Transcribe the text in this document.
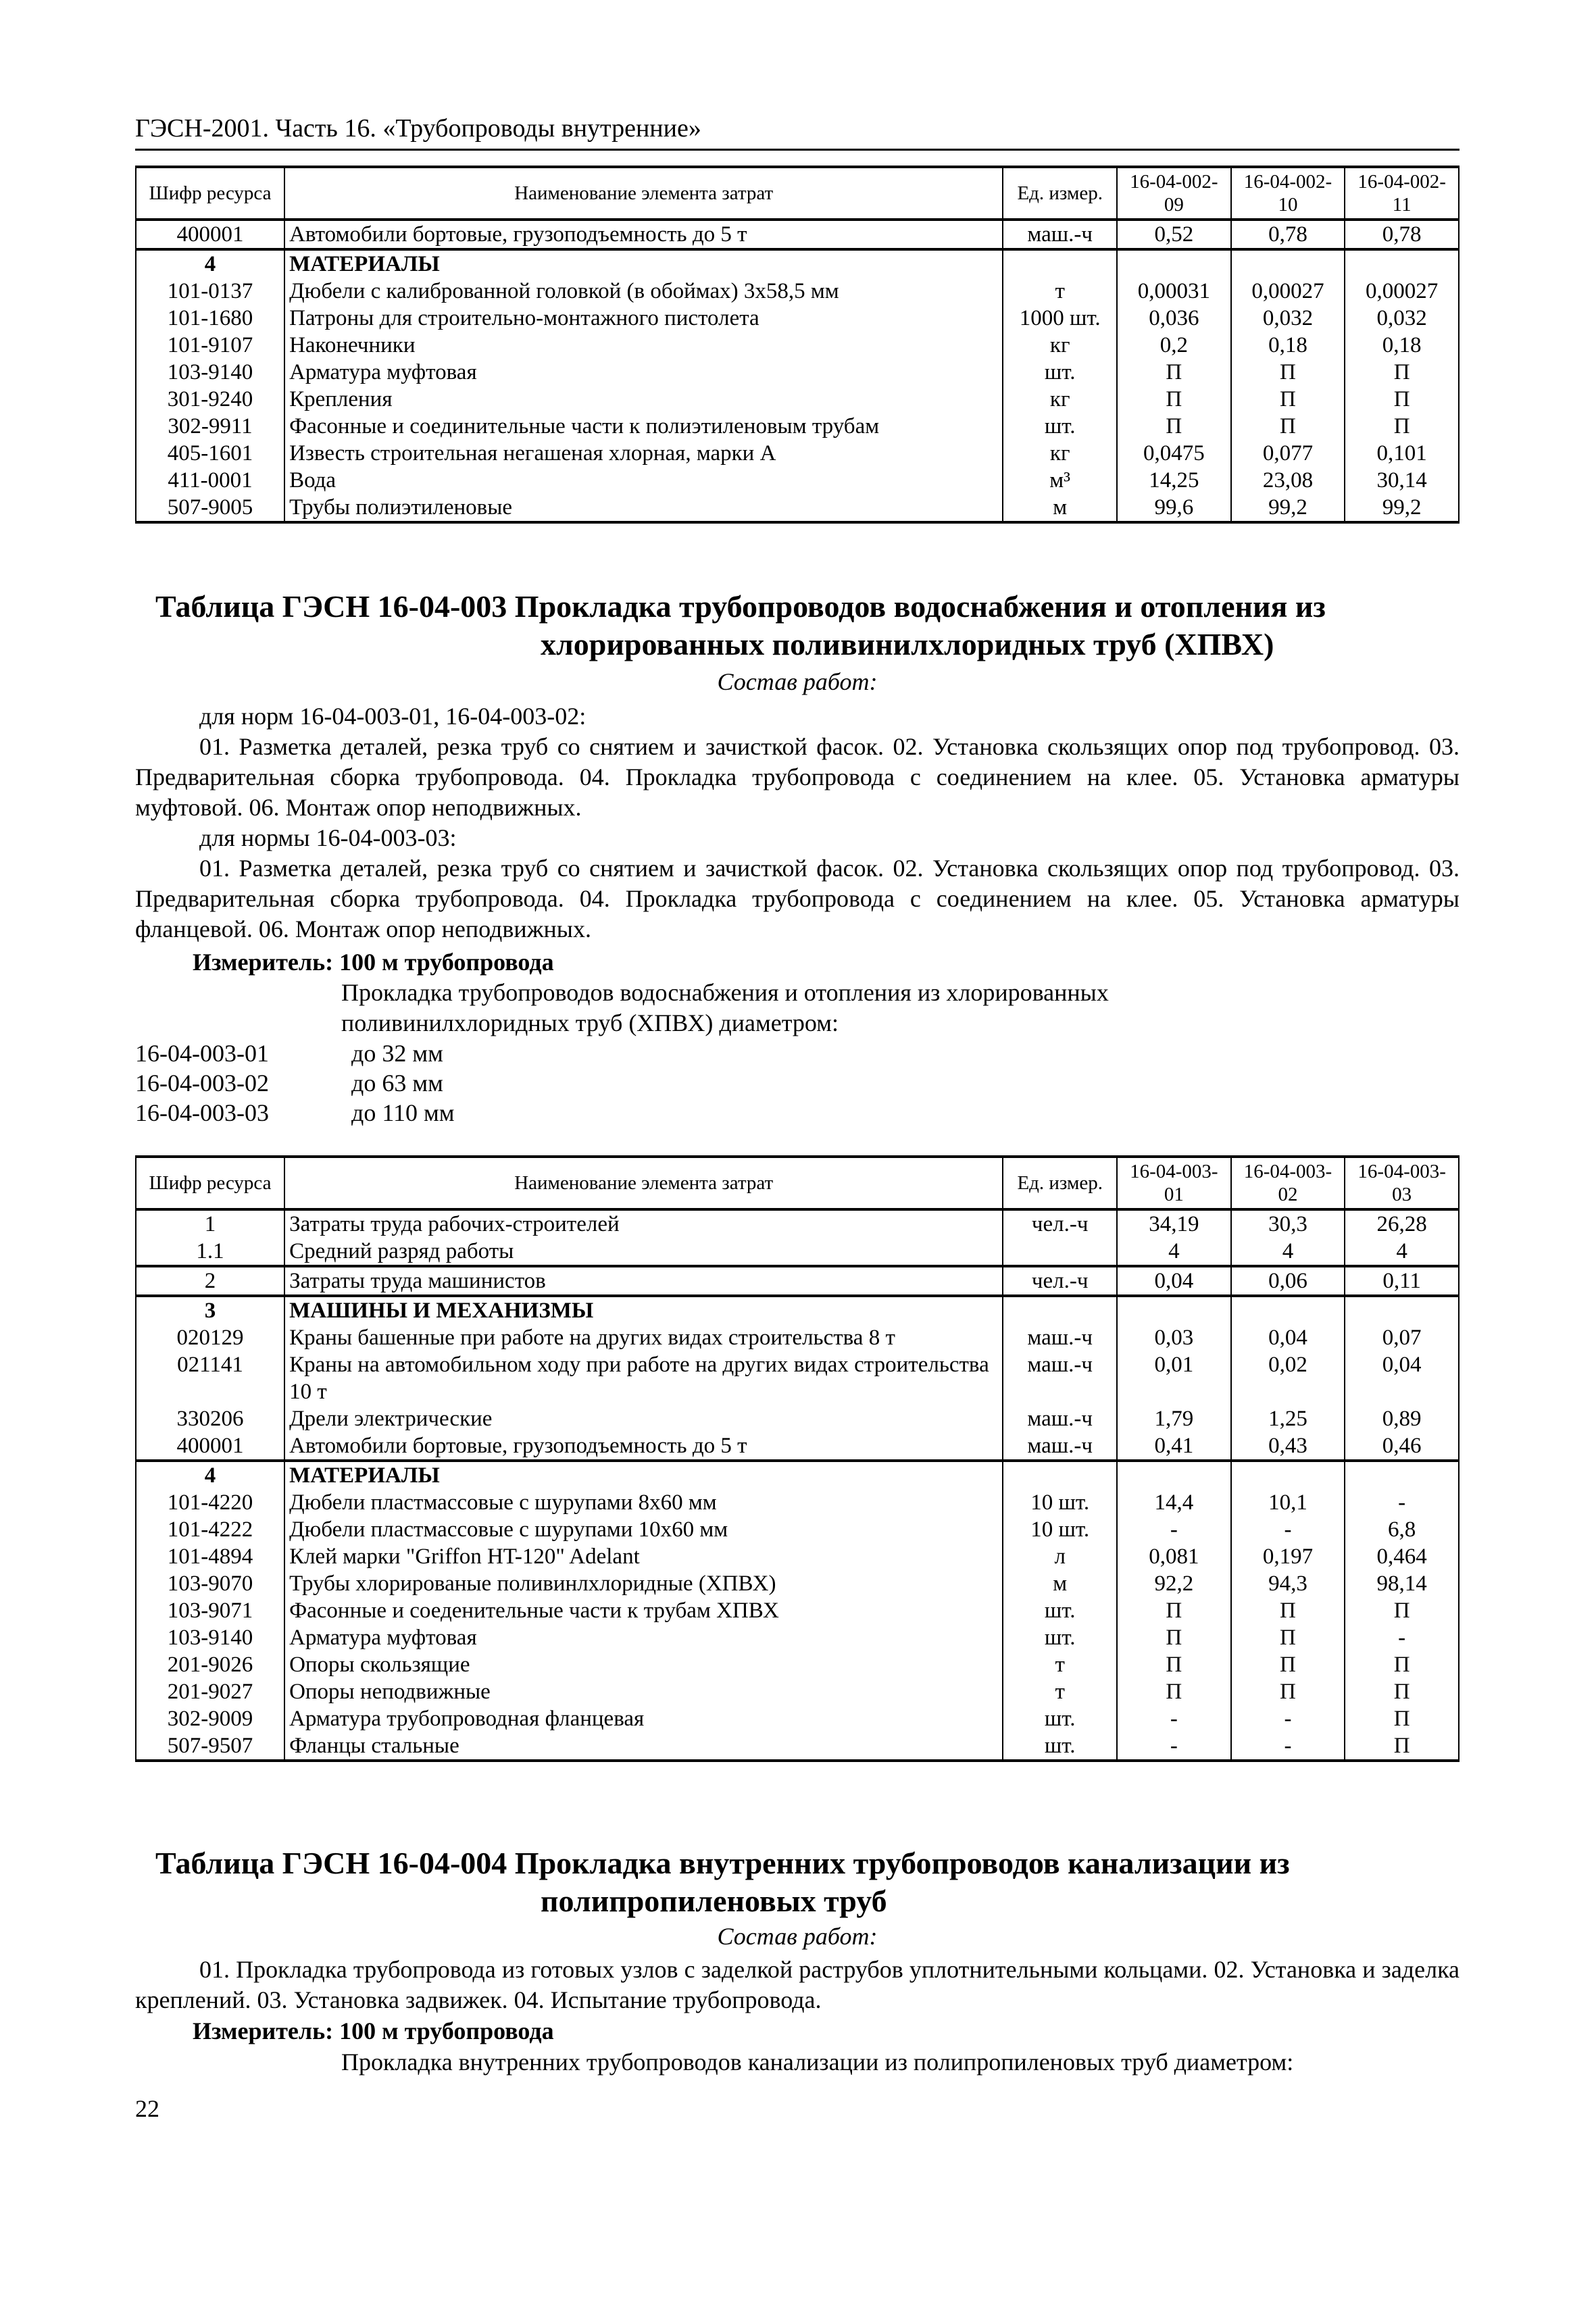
ГЭСН-2001. Часть 16. «Трубопроводы внутренние»
Шифр ресурса	Наименование элемента затрат	Ед. измер.	16-04-002-09	16-04-002-10	16-04-002-11
400001	Автомобили бортовые, грузоподъемность до 5 т	маш.-ч	0,52	0,78	0,78
4	МАТЕРИАЛЫ				
101-0137	Дюбели с калиброванной головкой (в обоймах) 3х58,5 мм	т	0,00031	0,00027	0,00027
101-1680	Патроны для строительно-монтажного пистолета	1000 шт.	0,036	0,032	0,032
101-9107	Наконечники	кг	0,2	0,18	0,18
103-9140	Арматура муфтовая	шт.	П	П	П
301-9240	Крепления	кг	П	П	П
302-9911	Фасонные и соединительные части к полиэтиленовым трубам	шт.	П	П	П
405-1601	Известь строительная негашеная хлорная, марки А	кг	0,0475	0,077	0,101
411-0001	Вода	м³	14,25	23,08	30,14
507-9005	Трубы полиэтиленовые	м	99,6	99,2	99,2
Таблица ГЭСН 16-04-003 Прокладка трубопроводов водоснабжения и отопления из
хлорированных поливинилхлоридных труб (ХПВХ)
Состав работ:
для норм 16-04-003-01, 16-04-003-02:
01. Разметка деталей, резка труб со снятием и зачисткой фасок. 02. Установка скользящих опор под трубопровод. 03. Предварительная сборка трубопровода. 04. Прокладка трубопровода с соединением на клее. 05. Установка арматуры муфтовой. 06. Монтаж опор неподвижных.
для нормы 16-04-003-03:
01. Разметка деталей, резка труб со снятием и зачисткой фасок. 02. Установка скользящих опор под трубопровод. 03. Предварительная сборка трубопровода. 04. Прокладка трубопровода с соединением на клее. 05. Установка арматуры фланцевой. 06. Монтаж опор неподвижных.
Измеритель: 100 м трубопровода
Прокладка трубопроводов водоснабжения и отопления из хлорированных
поливинилхлоридных труб (ХПВХ) диаметром:
16-04-003-01	до 32 мм
16-04-003-02	до 63 мм
16-04-003-03	до 110 мм
Шифр ресурса	Наименование элемента затрат	Ед. измер.	16-04-003-01	16-04-003-02	16-04-003-03
1	Затраты труда рабочих-строителей	чел.-ч	34,19	30,3	26,28
1.1	Средний разряд работы		4	4	4
2	Затраты труда машинистов	чел.-ч	0,04	0,06	0,11
3	МАШИНЫ И МЕХАНИЗМЫ				
020129	Краны башенные при работе на других видах строительства 8 т	маш.-ч	0,03	0,04	0,07
021141	Краны на автомобильном ходу при работе на других видах строительства 10 т	маш.-ч	0,01	0,02	0,04
330206	Дрели электрические	маш.-ч	1,79	1,25	0,89
400001	Автомобили бортовые, грузоподъемность до 5 т	маш.-ч	0,41	0,43	0,46
4	МАТЕРИАЛЫ				
101-4220	Дюбели пластмассовые с шурупами 8х60 мм	10 шт.	14,4	10,1	-
101-4222	Дюбели пластмассовые с шурупами 10х60 мм	10 шт.	-	-	6,8
101-4894	Клей марки "Griffon HT-120" Adelant	л	0,081	0,197	0,464
103-9070	Трубы хлорированые поливинлхлоридные (ХПВХ)	м	92,2	94,3	98,14
103-9071	Фасонные и соеденительные части к трубам ХПВХ	шт.	П	П	П
103-9140	Арматура муфтовая	шт.	П	П	-
201-9026	Опоры скользящие	т	П	П	П
201-9027	Опоры неподвижные	т	П	П	П
302-9009	Арматура трубопроводная фланцевая	шт.	-	-	П
507-9507	Фланцы стальные	шт.	-	-	П
Таблица ГЭСН 16-04-004 Прокладка внутренних трубопроводов канализации из
полипропиленовых труб
Состав работ:
01. Прокладка трубопровода из готовых узлов с заделкой раструбов уплотнительными кольцами. 02. Установка и заделка креплений. 03. Установка задвижек. 04. Испытание трубопровода.
Измеритель: 100 м трубопровода
Прокладка внутренних трубопроводов канализации из полипропиленовых труб диаметром:
22
